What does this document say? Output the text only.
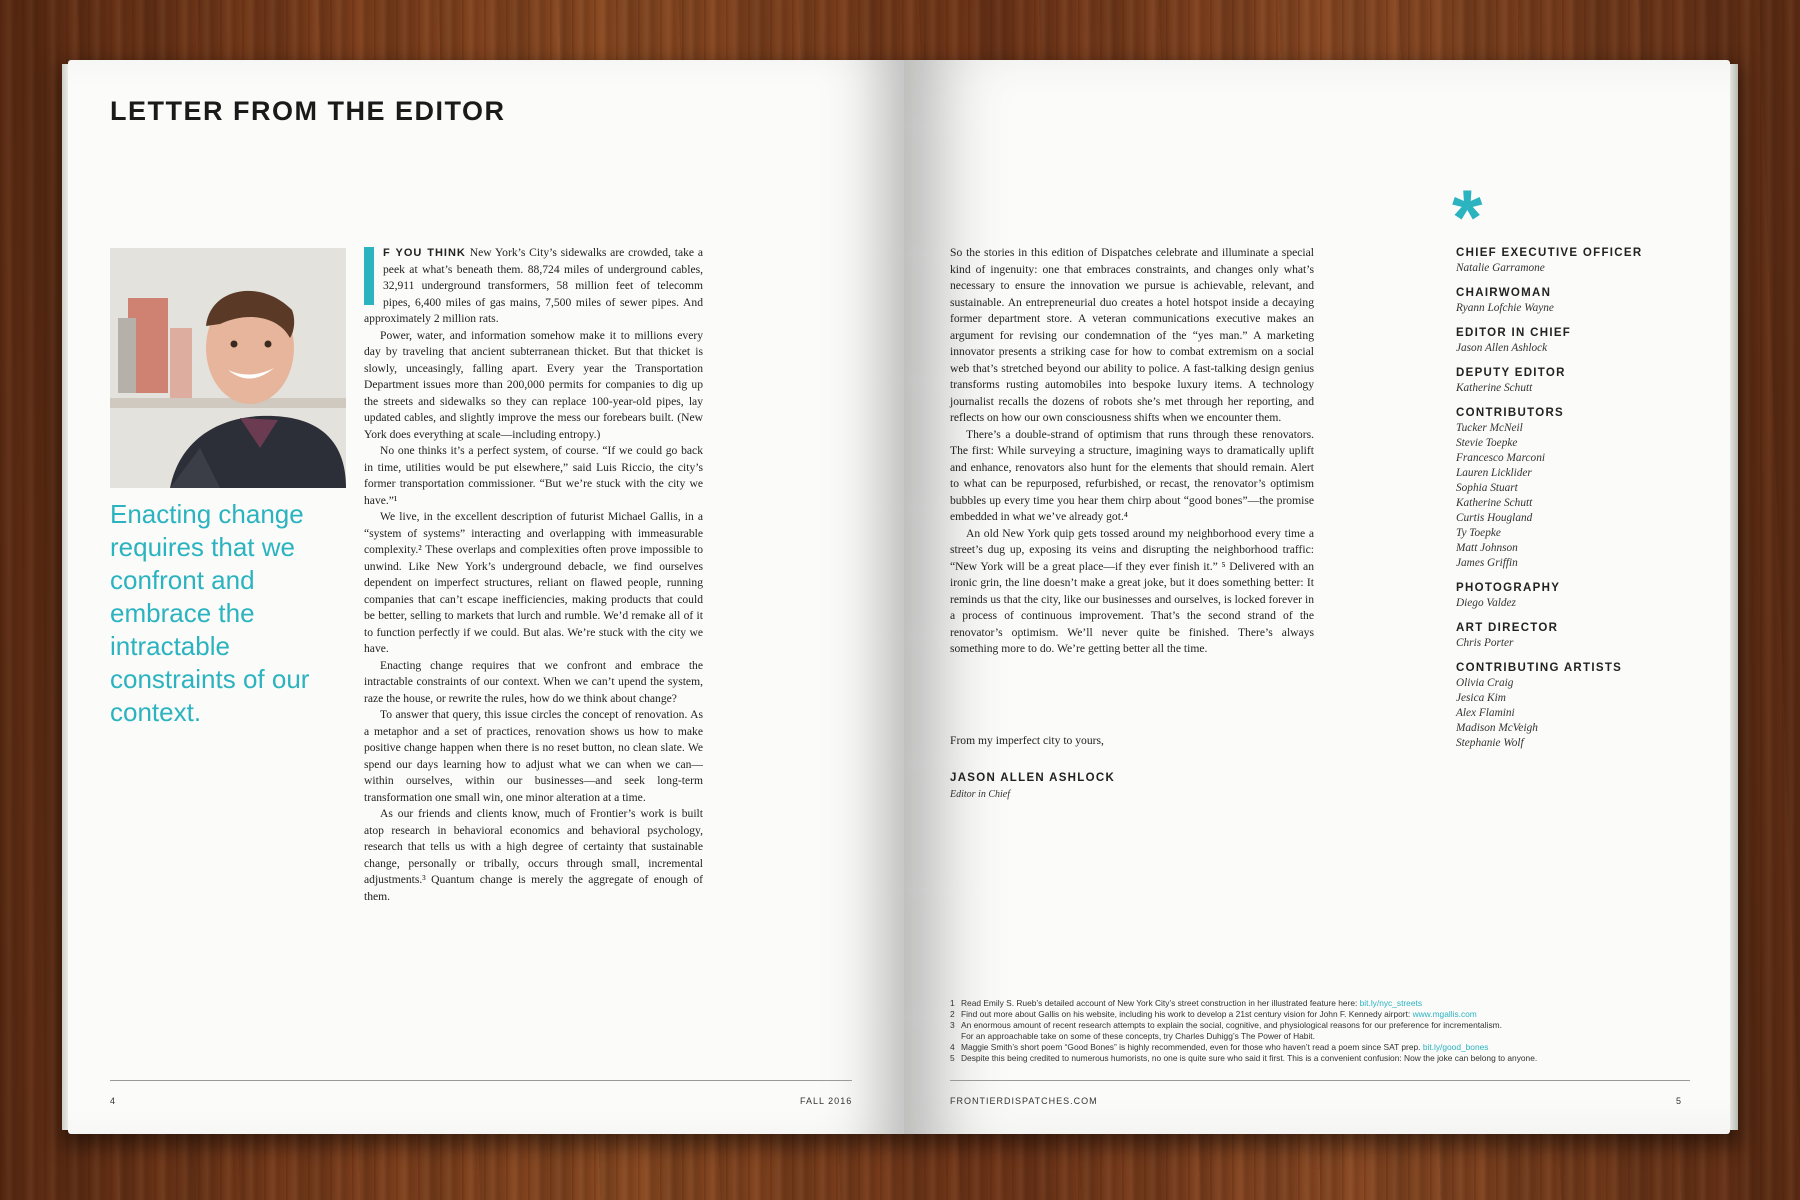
LETTER FROM THE EDITOR
Enacting change requires that we confront and embrace the intractable constraints of our context.

F YOU THINK New York’s City’s sidewalks are crowded, take a peek at what’s beneath them. 88,724 miles of underground cables, 32,911 underground transformers, 58 million feet of telecomm pipes, 6,400 miles of gas mains, 7,500 miles of sewer pipes. And approximately 2 million rats.

Power, water, and information somehow make it to millions every day by traveling that ancient subterranean thicket. But that thicket is slowly, unceasingly, falling apart. Every year the Transportation Department issues more than 200,000 permits for companies to dig up the streets and sidewalks so they can replace 100-year-old pipes, lay updated cables, and slightly improve the mess our forebears built. (New York does everything at scale—including entropy.)

No one thinks it’s a perfect system, of course. “If we could go back in time, utilities would be put elsewhere,” said Luis Riccio, the city’s former transportation commissioner. “But we’re stuck with the city we have.”¹

We live, in the excellent description of futurist Michael Gallis, in a “system of systems” interacting and overlapping with immeasurable complexity.² These overlaps and complexities often prove impossible to unwind. Like New York’s underground debacle, we find ourselves dependent on imperfect structures, reliant on flawed people, running companies that can’t escape inefficiencies, making products that could be better, selling to markets that lurch and rumble. We’d remake all of it to function perfectly if we could. But alas. We’re stuck with the city we have.

Enacting change requires that we confront and embrace the intractable constraints of our context. When we can’t upend the system, raze the house, or rewrite the rules, how do we think about change?

To answer that query, this issue circles the concept of renovation. As a metaphor and a set of practices, renovation shows us how to make positive change happen when there is no reset button, no clean slate. We spend our days learning how to adjust what we can when we can—within ourselves, within our businesses—and seek long-term transformation one small win, one minor alteration at a time.

As our friends and clients know, much of Frontier’s work is built atop research in behavioral economics and behavioral psychology, research that tells us with a high degree of certainty that sustainable change, personally or tribally, occurs through small, incremental adjustments.³ Quantum change is merely the aggregate of enough of them.

4	FALL 2016

So the stories in this edition of Dispatches celebrate and illuminate a special kind of ingenuity: one that embraces constraints, and changes only what’s necessary to ensure the innovation we pursue is achievable, relevant, and sustainable. An entrepreneurial duo creates a hotel hotspot inside a decaying former department store. A veteran communications executive makes an argument for revising our condemnation of the “yes man.” A marketing innovator presents a striking case for how to combat extremism on a social web that’s stretched beyond our ability to police. A fast-talking design genius transforms rusting automobiles into bespoke luxury items. A technology journalist recalls the dozens of robots she’s met through her reporting, and reflects on how our own consciousness shifts when we encounter them.

There’s a double-strand of optimism that runs through these renovators. The first: While surveying a structure, imagining ways to dramatically uplift and enhance, renovators also hunt for the elements that should remain. Alert to what can be repurposed, refurbished, or recast, the renovator’s optimism bubbles up every time you hear them chirp about “good bones”—the promise embedded in what we’ve already got.⁴

An old New York quip gets tossed around my neighborhood every time a street’s dug up, exposing its veins and disrupting the neighborhood traffic: “New York will be a great place—if they ever finish it.” ⁵ Delivered with an ironic grin, the line doesn’t make a great joke, but it does something better: It reminds us that the city, like our businesses and ourselves, is locked forever in a process of continuous improvement. That’s the second strand of the renovator’s optimism. We’ll never quite be finished. There’s always something more to do. We’re getting better all the time.

From my imperfect city to yours,
JASON ALLEN ASHLOCK
Editor in Chief
*
CHIEF EXECUTIVE OFFICER
Natalie Garramone
CHAIRWOMAN
Ryann Lofchie Wayne
EDITOR IN CHIEF
Jason Allen Ashlock
DEPUTY EDITOR
Katherine Schutt
CONTRIBUTORS
Tucker McNeil
Stevie Toepke
Francesco Marconi
Lauren Licklider
Sophia Stuart
Katherine Schutt
Curtis Hougland
Ty Toepke
Matt Johnson
James Griffin
PHOTOGRAPHY
Diego Valdez
ART DIRECTOR
Chris Porter
CONTRIBUTING ARTISTS
Olivia Craig
Jesica Kim
Alex Flamini
Madison McVeigh
Stephanie Wolf
1 Read Emily S. Rueb’s detailed account of New York City’s street construction in her illustrated feature here: bit.ly/nyc_streets
2 Find out more about Gallis on his website, including his work to develop a 21st century vision for John F. Kennedy airport: www.mgallis.com
3 An enormous amount of recent research attempts to explain the social, cognitive, and physiological reasons for our preference for incrementalism.
For an approachable take on some of these concepts, try Charles Duhigg’s The Power of Habit.
4 Maggie Smith’s short poem “Good Bones” is highly recommended, even for those who haven’t read a poem since SAT prep. bit.ly/good_bones
5 Despite this being credited to numerous humorists, no one is quite sure who said it first. This is a convenient confusion: Now the joke can belong to anyone.
FRONTIERDISPATCHES.COM	5
